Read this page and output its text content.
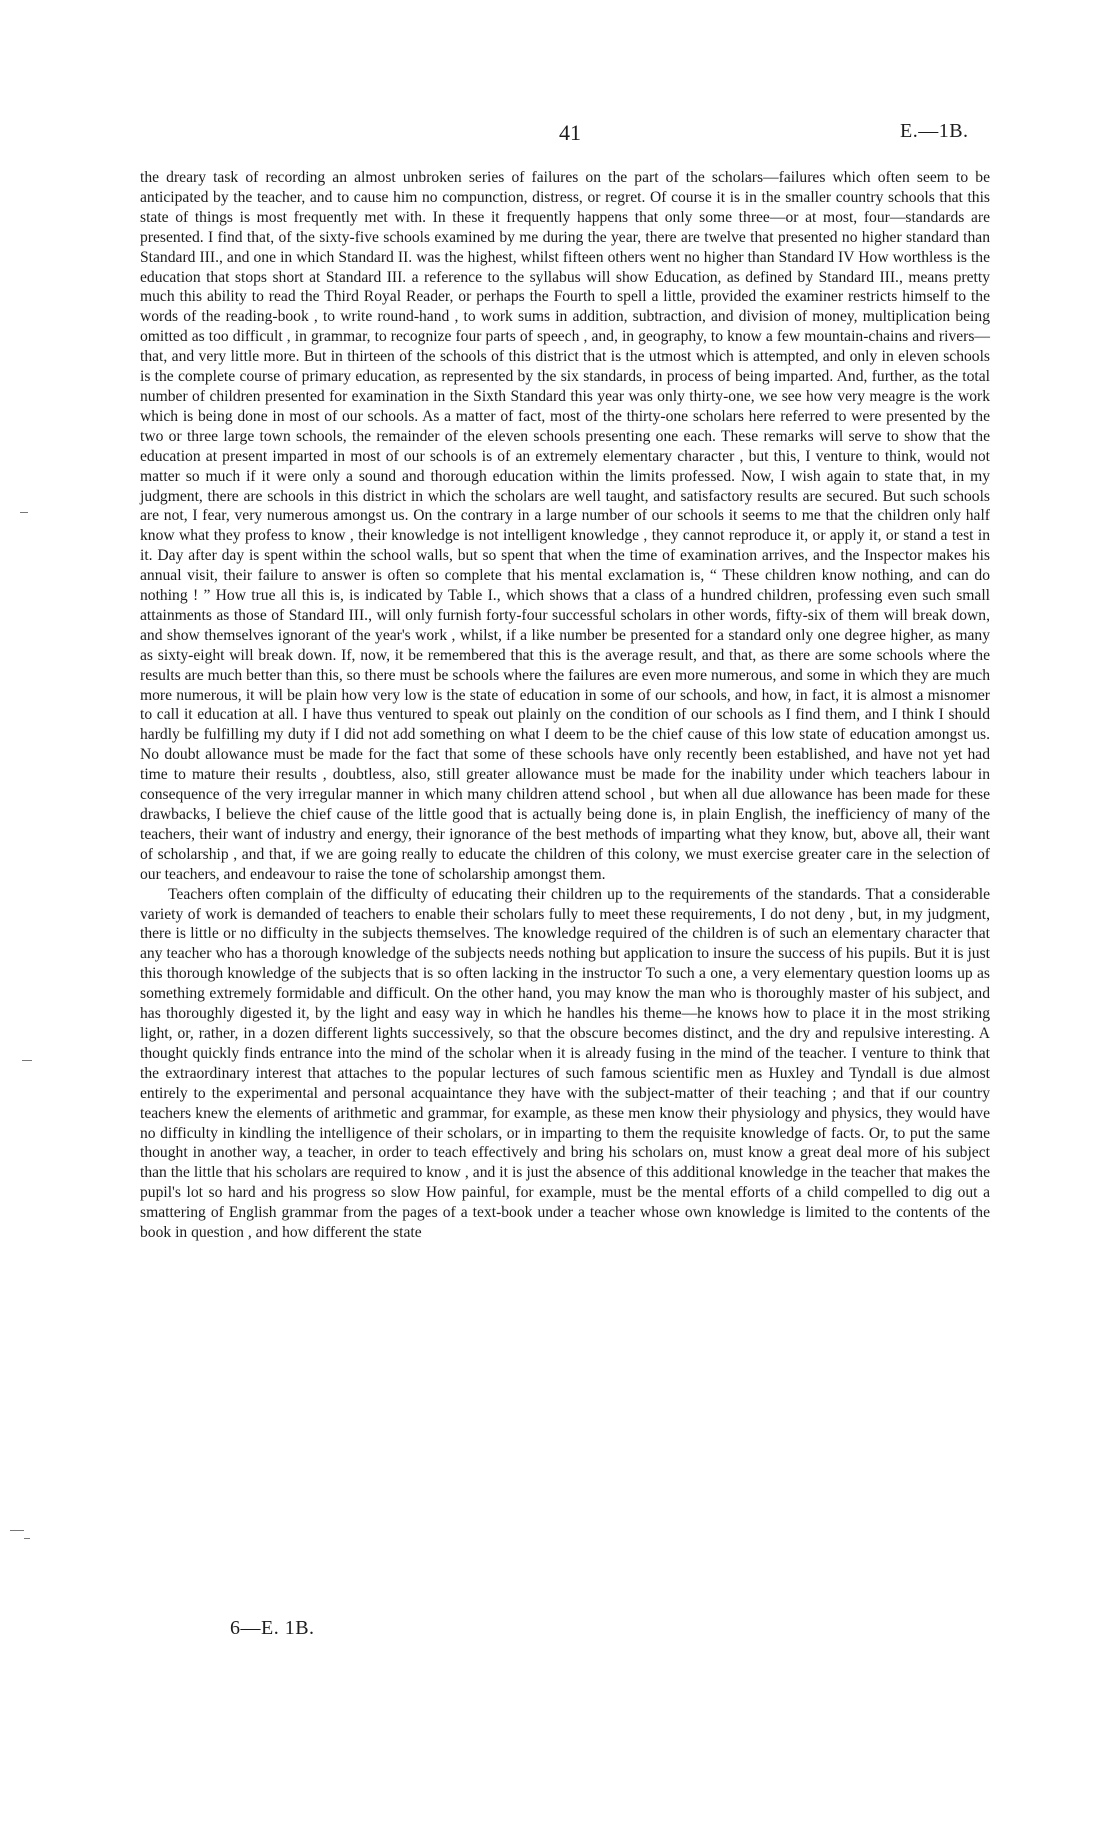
41	E.—1B.

the dreary task of recording an almost unbroken series of failures on the part of the scholars—failures which often seem to be anticipated by the teacher, and to cause him no compunction, distress, or regret. Of course it is in the smaller country schools that this state of things is most frequently met with. In these it frequently happens that only some three—or at most, four—standards are presented. I find that, of the sixty-five schools examined by me during the year, there are twelve that presented no higher standard than Standard III., and one in which Standard II. was the highest, whilst fifteen others went no higher than Standard IV How worthless is the education that stops short at Standard III. a reference to the syllabus will show Education, as defined by Standard III., means pretty much this ability to read the Third Royal Reader, or perhaps the Fourth to spell a little, provided the examiner restricts himself to the words of the reading-book , to write round-hand , to work sums in addition, subtraction, and division of money, multiplication being omitted as too difficult , in grammar, to recognize four parts of speech , and, in geography, to know a few mountain-chains and rivers—that, and very little more. But in thirteen of the schools of this district that is the utmost which is attempted, and only in eleven schools is the complete course of primary education, as represented by the six standards, in process of being imparted. And, further, as the total number of children presented for examination in the Sixth Standard this year was only thirty-one, we see how very meagre is the work which is being done in most of our schools. As a matter of fact, most of the thirty-one scholars here referred to were presented by the two or three large town schools, the remainder of the eleven schools presenting one each. These remarks will serve to show that the education at present imparted in most of our schools is of an extremely elementary character , but this, I venture to think, would not matter so much if it were only a sound and thorough education within the limits professed. Now, I wish again to state that, in my judgment, there are schools in this district in which the scholars are well taught, and satisfactory results are secured. But such schools are not, I fear, very numerous amongst us. On the contrary in a large number of our schools it seems to me that the children only half know what they profess to know , their knowledge is not intelligent knowledge , they cannot reproduce it, or apply it, or stand a test in it. Day after day is spent within the school walls, but so spent that when the time of examination arrives, and the Inspector makes his annual visit, their failure to answer is often so complete that his mental exclamation is, “ These children know nothing, and can do nothing ! ” How true all this is, is indicated by Table I., which shows that a class of a hundred children, professing even such small attainments as those of Standard III., will only furnish forty-four successful scholars in other words, fifty-six of them will break down, and show themselves ignorant of the year's work , whilst, if a like number be presented for a standard only one degree higher, as many as sixty-eight will break down. If, now, it be remembered that this is the average result, and that, as there are some schools where the results are much better than this, so there must be schools where the failures are even more numerous, and some in which they are much more numerous, it will be plain how very low is the state of education in some of our schools, and how, in fact, it is almost a misnomer to call it education at all. I have thus ventured to speak out plainly on the condition of our schools as I find them, and I think I should hardly be fulfilling my duty if I did not add something on what I deem to be the chief cause of this low state of education amongst us. No doubt allowance must be made for the fact that some of these schools have only recently been established, and have not yet had time to mature their results , doubtless, also, still greater allowance must be made for the inability under which teachers labour in consequence of the very irregular manner in which many children attend school , but when all due allowance has been made for these drawbacks, I believe the chief cause of the little good that is actually being done is, in plain English, the inefficiency of many of the teachers, their want of industry and energy, their ignorance of the best methods of imparting what they know, but, above all, their want of scholarship , and that, if we are going really to educate the children of this colony, we must exercise greater care in the selection of our teachers, and endeavour to raise the tone of scholarship amongst them.

Teachers often complain of the difficulty of educating their children up to the requirements of the standards. That a considerable variety of work is demanded of teachers to enable their scholars fully to meet these requirements, I do not deny , but, in my judgment, there is little or no difficulty in the subjects themselves. The knowledge required of the children is of such an elementary character that any teacher who has a thorough knowledge of the subjects needs nothing but application to insure the success of his pupils. But it is just this thorough knowledge of the subjects that is so often lacking in the instructor To such a one, a very elementary question looms up as something extremely formidable and difficult. On the other hand, you may know the man who is thoroughly master of his subject, and has thoroughly digested it, by the light and easy way in which he handles his theme—he knows how to place it in the most striking light, or, rather, in a dozen different lights successively, so that the obscure becomes distinct, and the dry and repulsive interesting. A thought quickly finds entrance into the mind of the scholar when it is already fusing in the mind of the teacher. I venture to think that the extraordinary interest that attaches to the popular lectures of such famous scientific men as Huxley and Tyndall is due almost entirely to the experimental and personal acquaintance they have with the subject-matter of their teaching ; and that if our country teachers knew the elements of arithmetic and grammar, for example, as these men know their physiology and physics, they would have no difficulty in kindling the intelligence of their scholars, or in imparting to them the requisite knowledge of facts. Or, to put the same thought in another way, a teacher, in order to teach effectively and bring his scholars on, must know a great deal more of his subject than the little that his scholars are required to know , and it is just the absence of this additional knowledge in the teacher that makes the pupil's lot so hard and his progress so slow How painful, for example, must be the mental efforts of a child compelled to dig out a smattering of English grammar from the pages of a text-book under a teacher whose own knowledge is limited to the contents of the book in question , and how different the state

6—E. 1B.
